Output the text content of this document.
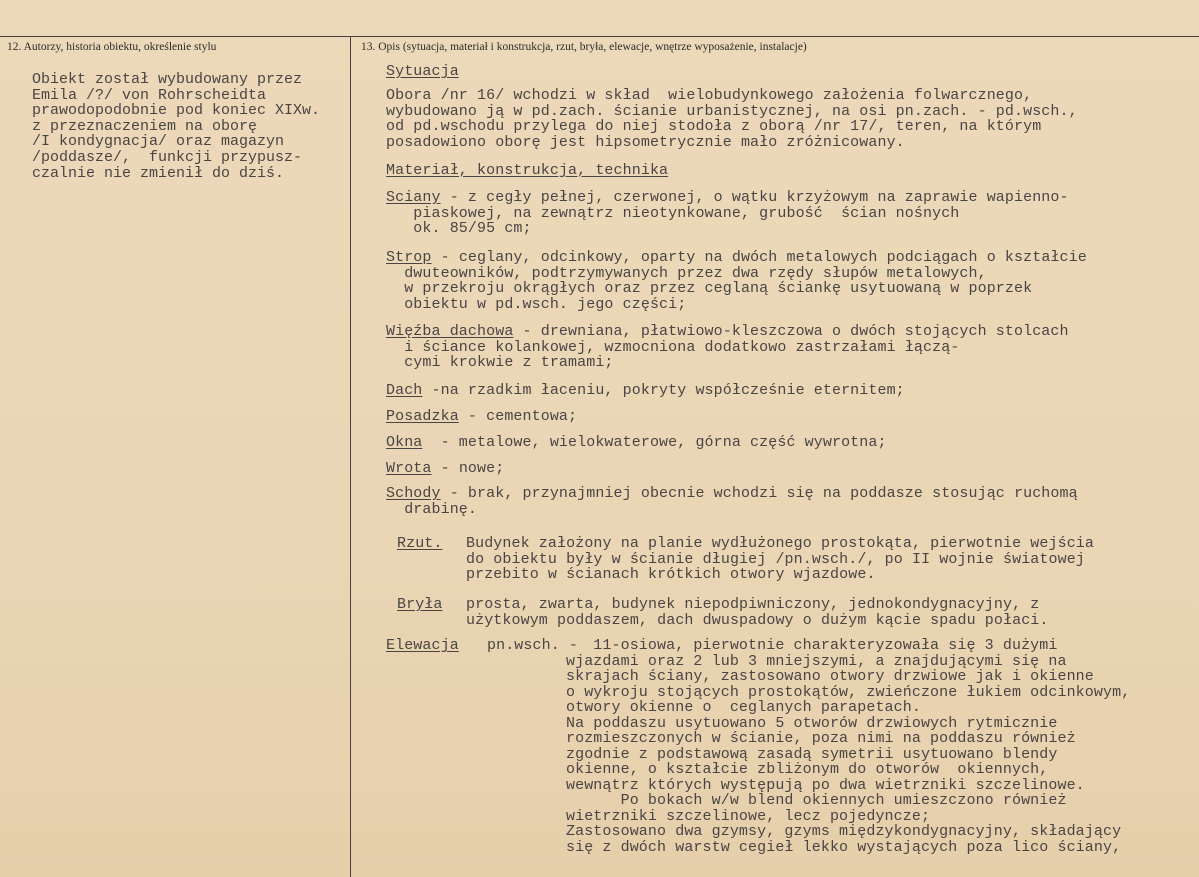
12. Autorzy, historia obiektu, określenie stylu
Obiekt został wybudowany przez
Emila /?/ von Rohrscheidta
prawodopodobnie pod koniec XIXw.
z przeznaczeniem na oborę
/I kondygnacja/ oraz magazyn
/poddasze/,  funkcji przypusz-
czalnie nie zmienił do dziś.
13. Opis (sytuacja, materiał i konstrukcja, rzut, bryła, elewacje, wnętrze wyposażenie, instalacje)
Sytuacja
Obora /nr 16/ wchodzi w skład  wielobudynkowego założenia folwarcznego,
wybudowano ją w pd.zach. ścianie urbanistycznej, na osi pn.zach. - pd.wsch.,
od pd.wschodu przylega do niej stodoła z oborą /nr 17/, teren, na którym
posadowiono oborę jest hipsometrycznie mało zróżnicowany.
Materiał, konstrukcja, technika
Sciany - z cegły pełnej, czerwonej, o wątku krzyżowym na zaprawie wapienno-
piaskowej, na zewnątrz nieotynkowane, grubość  ścian nośnych
ok. 85/95 cm;
Strop - ceglany, odcinkowy, oparty na dwóch metalowych podciągach o kształcie
dwuteowników, podtrzymywanych przez dwa rzędy słupów metalowych,
w przekroju okrągłych oraz przez ceglaną ściankę usytuowaną w poprzek
obiektu w pd.wsch. jego części;
Więźba dachowa - drewniana, płatwiowo-kleszczowa o dwóch stojących stolcach
i ściance kolankowej, wzmocniona dodatkowo zastrzałami łączą-
cymi krokwie z tramami;
Dach -na rzadkim łaceniu, pokryty współcześnie eternitem;
Posadzka - cementowa;
Okna  - metalowe, wielokwaterowe, górna część wywrotna;
Wrota - nowe;
Schody - brak, przynajmniej obecnie wchodzi się na poddasze stosując ruchomą
drabinę.
Rzut. Budynek założony na planie wydłużonego prostokąta, pierwotnie wejścia
do obiektu były w ścianie długiej /pn.wsch./, po II wojnie światowej
przebito w ścianach krótkich otwory wjazdowe.
Bryła prosta, zwarta, budynek niepodpiwniczony, jednokondygnacyjny, z
użytkowym poddaszem, dach dwuspadowy o dużym kącie spadu połaci.
Elewacja pn.wsch. -	11-osiowa, pierwotnie charakteryzowała się 3 dużymi
wjazdami oraz 2 lub 3 mniejszymi, a znajdującymi się na
skrajach ściany, zastosowano otwory drzwiowe jak i okienne
o wykroju stojących prostokątów, zwieńczone łukiem odcinkowym,
otwory okienne o  ceglanych parapetach.
Na poddaszu usytuowano 5 otworów drzwiowych rytmicznie
rozmieszczonych w ścianie, poza nimi na poddaszu również
zgodnie z podstawową zasadą symetrii usytuowano blendy
okienne, o kształcie zbliżonym do otworów  okiennych,
wewnątrz których występują po dwa wietrzniki szczelinowe.
Po bokach w/w blend okiennych umieszczono również
wietrzniki szczelinowe, lecz pojedyncze;
Zastosowano dwa gzymsy, gzyms międzykondygnacyjny, składający
się z dwóch warstw cegieł lekko wystających poza lico ściany,
